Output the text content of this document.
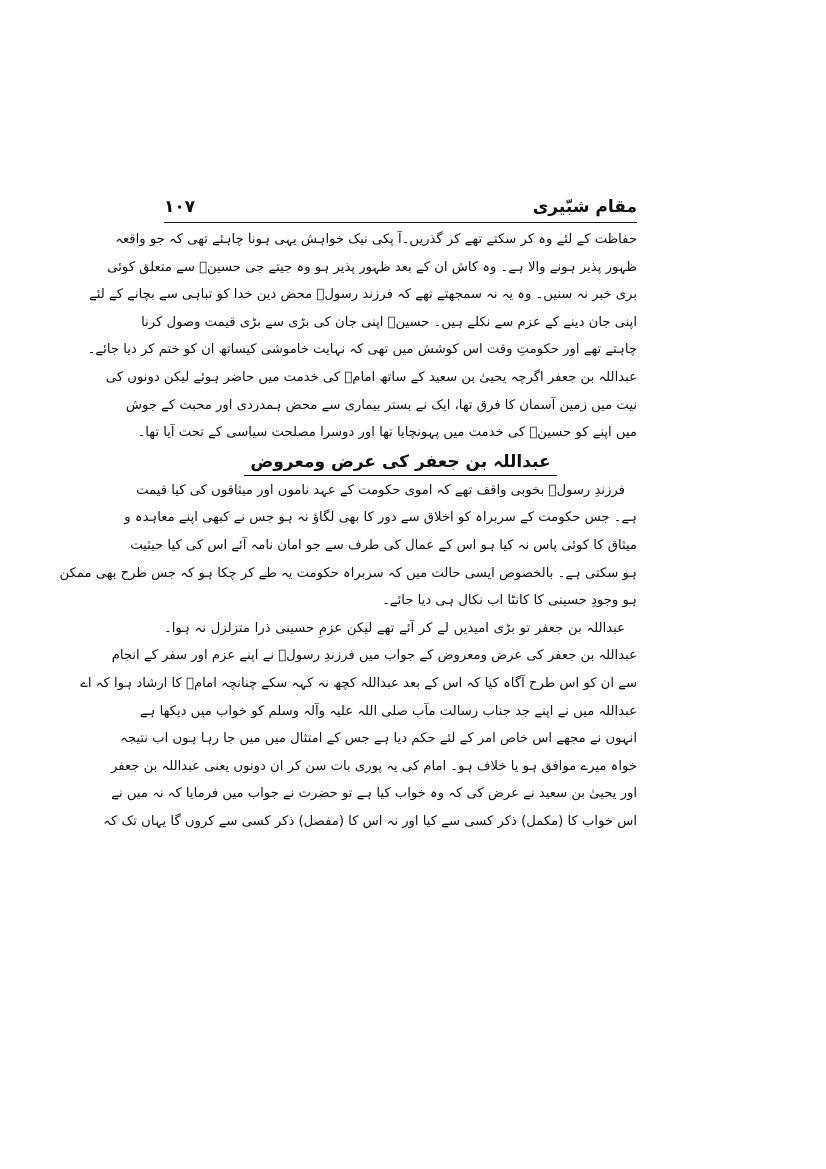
مقام شبّیری
۱۰۷
حفاظت کے لئے وہ کر سکتے تھے کر گذریں۔آ پکی نیک خواہش یہی ہونا چاہئے تھی کہ جو واقعہ
ظہور پذیر ہونے والا ہے۔ وہ کاش ان کے بعد ظہور پذیر ہو وہ جیتے جی حسینؑ سے متعلق کوئی
بری خبر نہ سنیں۔ وہ یہ نہ سمجھتے تھے کہ فرزند رسولؐ محض دین خدا کو تباہی سے بچانے کے لئے
اپنی جان دینے کے عزم سے نکلے ہیں۔ حسینؑ اپنی جان کی بڑی سے بڑی قیمت وصول کرنا
چاہتے تھے اور حکومتِ وقت اس کوشش میں تھی کہ نہایت خاموشی کیساتھ ان کو ختم کر دیا جائے۔
عبداللہ بن جعفر اگرچہ یحییٰ بن سعید کے ساتھ امامؑ کی خدمت میں حاضر ہوئے لیکن دونوں کی
نیت میں زمین آسمان کا فرق تھا، ایک نے بستر بیماری سے محض ہمدردی اور محبت کے جوش
میں اپنے کو حسینؑ کی خدمت میں پہونچایا تھا اور دوسرا مصلحت سیاسی کے تحت آیا تھا۔
عبداللہ بن جعفر کی عرض ومعروض
فرزندِ رسولؐ بخوبی واقف تھے کہ اموی حکومت کے عہد ناموں اور میثاقوں کی کیا قیمت
ہے۔ جس حکومت کے سربراہ کو اخلاق سے دور کا بھی لگاؤ نہ ہو جس نے کبھی اپنے معاہدہ و
میثاق کا کوئی پاس نہ کیا ہو اس کے عمال کی طرف سے جو امان نامہ آئے اس کی کیا حیثیت
ہو سکتی ہے۔ بالخصوص ایسی حالت میں کہ سربراہ حکومت یہ طے کر چکا ہو کہ جس طرح بھی ممکن
ہو وجودِ حسینی کا کانٹا اب نکال ہی دیا جائے۔
عبداللہ بن جعفر تو بڑی امیدیں لے کر آئے تھے لیکن عزمِ حسینی ذرا متزلزل نہ ہوا۔
عبداللہ بن جعفر کی عرض ومعروض کے جواب میں فرزندِ رسولؐ نے اپنے عزم اور سفر کے انجام
سے ان کو اس طرح آگاہ کیا کہ اس کے بعد عبداللہ کچھ نہ کہہ سکے چنانچہ امامؑ کا ارشاد ہوا کہ اے
عبداللہ میں نے اپنے جد جناب رسالت مآب صلی اللہ علیہ وآلہ وسلم کو خواب میں دیکھا ہے
انہوں نے مجھے اس خاص امر کے لئے حکم دیا ہے جس کے امتثال میں میں جا رہا ہوں اب نتیجہ
خواہ میرے موافق ہو یا خلاف ہو۔ امام کی یہ پوری بات سن کر ان دونوں یعنی عبداللہ بن جعفر
اور یحییٰ بن سعید نے عرض کی کہ وہ خواب کیا ہے تو حضرت نے جواب میں فرمایا کہ نہ میں نے
اس خواب کا (مکمل) ذکر کسی سے کیا اور نہ اس کا (مفصل) ذکر کسی سے کروں گا یہاں تک کہ
